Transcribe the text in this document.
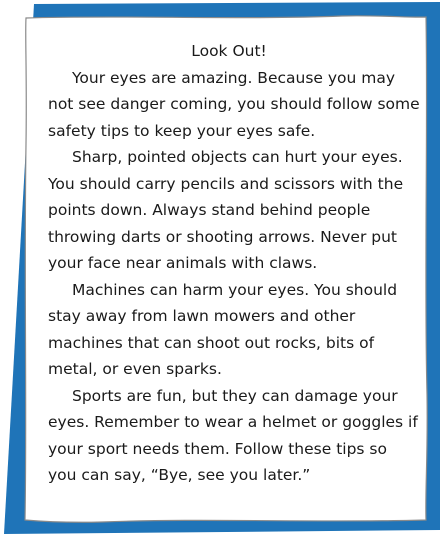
Look Out!

Your eyes are amazing. Because you may not see danger coming, you should follow some safety tips to keep your eyes safe.

Sharp, pointed objects can hurt your eyes. You should carry pencils and scissors with the points down. Always stand behind people throwing darts or shooting arrows. Never put your face near animals with claws.

Machines can harm your eyes. You should stay away from lawn mowers and other machines that can shoot out rocks, bits of metal, or even sparks.

Sports are fun, but they can damage your eyes. Remember to wear a helmet or goggles if your sport needs them. Follow these tips so you can say, “Bye, see you later.”
